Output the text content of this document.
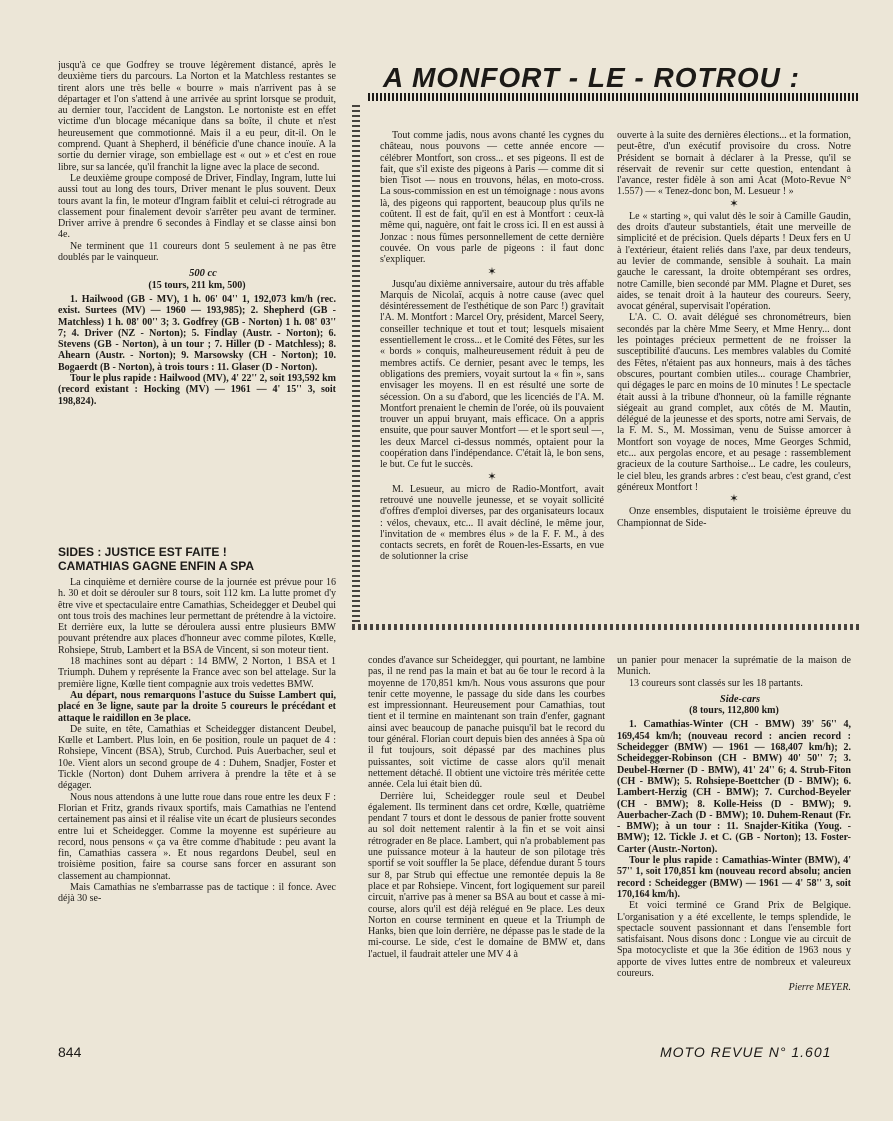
jusqu'à ce que Godfrey se trouve légèrement distancé, après le deuxième tiers du parcours. La Norton et la Matchless restantes se tirent alors une très belle « bourre » mais n'arrivent pas à se départager et l'on s'attend à une arrivée au sprint lorsque se produit, au dernier tour, l'accident de Langston. Le nortoniste est en effet victime d'un blocage mécanique dans sa boîte, il chute et n'est heureusement que commotionné. Mais il a eu peur, dit-il. On le comprend. Quant à Shepherd, il bénéficie d'une chance inouïe. A la sortie du dernier virage, son embiellage est « out » et c'est en roue libre, sur sa lancée, qu'il franchit la ligne avec la place de second.

Le deuxième groupe composé de Driver, Findlay, Ingram, lutte lui aussi tout au long des tours, Driver menant le plus souvent. Deux tours avant la fin, le moteur d'Ingram faiblit et celui-ci rétrograde au classement pour finalement devoir s'arrêter peu avant de terminer. Driver arrive à prendre 6 secondes à Findlay et se classe ainsi bon 4e.

Ne terminent que 11 coureurs dont 5 seulement à ne pas être doublés par le vainqueur.

500 cc

(15 tours, 211 km, 500)

1. Hailwood (GB - MV), 1 h. 06' 04'' 1, 192,073 km/h (rec. exist. Surtees (MV) — 1960 — 193,985); 2. Shepherd (GB - Matchless) 1 h. 08' 00'' 3; 3. Godfrey (GB - Norton) 1 h. 08' 03'' 7; 4. Driver (NZ - Norton); 5. Findlay (Austr. - Norton); 6. Stevens (GB - Norton), à un tour ; 7. Hiller (D - Matchless); 8. Ahearn (Austr. - Norton); 9. Marsowsky (CH - Norton); 10. Bogaerdt (B - Norton), à trois tours : 11. Glaser (D - Norton).

Tour le plus rapide : Hailwood (MV), 4' 22'' 2, soit 193,592 km (record existant : Hocking (MV) — 1961 — 4' 15'' 3, soit 198,824).

SIDES : JUSTICE EST FAITE !
CAMATHIAS GAGNE ENFIN A SPA

La cinquième et dernière course de la journée est prévue pour 16 h. 30 et doit se dérouler sur 8 tours, soit 112 km. La lutte promet d'y être vive et spectaculaire entre Camathias, Scheidegger et Deubel qui ont tous trois des machines leur permettant de prétendre à la victoire. Et derrière eux, la lutte se déroulera aussi entre plusieurs BMW pouvant prétendre aux places d'honneur avec comme pilotes, Kœlle, Rohsiepe, Strub, Lambert et la BSA de Vincent, si son moteur tient.

18 machines sont au départ : 14 BMW, 2 Norton, 1 BSA et 1 Triumph. Duhem y représente la France avec son bel attelage. Sur la première ligne, Kœlle tient compagnie aux trois vedettes BMW.

Au départ, nous remarquons l'astuce du Suisse Lambert qui, placé en 3e ligne, saute par la droite 5 coureurs le précédant et attaque le raidillon en 3e place.

De suite, en tête, Camathias et Scheidegger distancent Deubel, Kœlle et Lambert. Plus loin, en 6e position, roule un paquet de 4 : Rohsiepe, Vincent (BSA), Strub, Curchod. Puis Auerbacher, seul et 10e. Vient alors un second groupe de 4 : Duhem, Snadjer, Foster et Tickle (Norton) dont Duhem arrivera à prendre la tête et à se dégager.

Nous nous attendons à une lutte roue dans roue entre les deux F : Florian et Fritz, grands rivaux sportifs, mais Camathias ne l'entend certainement pas ainsi et il réalise vite un écart de plusieurs secondes entre lui et Scheidegger. Comme la moyenne est supérieure au record, nous pensons « ça va être comme d'habitude : peu avant la fin, Camathias cassera ». Et nous regardons Deubel, seul en troisième position, faire sa course sans forcer en assurant son classement au championnat.

Mais Camathias ne s'embarrasse pas de tactique : il fonce. Avec déjà 30 se-

A MONFORT - LE - ROTROU :

Tout comme jadis, nous avons chanté les cygnes du château, nous pouvons — cette année encore — célébrer Montfort, son cross... et ses pigeons. Il est de fait, que s'il existe des pigeons à Paris — comme dit si bien Tisot — nous en trouvons, hélas, en moto-cross. La sous-commission en est un témoignage : nous avons là, des pigeons qui rapportent, beaucoup plus qu'ils ne coûtent. Il est de fait, qu'il en est à Montfort : ceux-là même qui, naguère, ont fait le cross ici. Il en est aussi à Jonzac : nous fûmes personnellement de cette dernière couvée. On vous parle de pigeons : il faut donc s'expliquer.

✶

Jusqu'au dixième anniversaire, autour du très affable Marquis de Nicolaï, acquis à notre cause (avec quel désintéressement de l'esthétique de son Parc !) gravitait l'A. M. Montfort : Marcel Ory, président, Marcel Seery, conseiller technique et tout et tout; lesquels misaient essentiellement le cross... et le Comité des Fêtes, sur les « bords » conquis, malheureusement réduit à peu de membres actifs. Ce dernier, pesant avec le temps, les obligations des premiers, voyait surtout la « fin », sans envisager les moyens. Il en est résulté une sorte de sécession. On a su d'abord, que les licenciés de l'A. M. Montfort prenaient le chemin de l'orée, où ils pouvaient trouver un appui bruyant, mais efficace. On a appris ensuite, que pour sauver Montfort — et le sport seul —, les deux Marcel ci-dessus nommés, optaient pour la coopération dans l'indépendance. C'était là, le bon sens, le but. Ce fut le succès.

✶

M. Lesueur, au micro de Radio-Montfort, avait retrouvé une nouvelle jeunesse, et se voyait sollicité d'offres d'emploi diverses, par des organisateurs locaux : vélos, chevaux, etc... Il avait décliné, le même jour, l'invitation de « membres élus » de la F. F. M., à des contacts secrets, en forêt de Rouen-les-Essarts, en vue de solutionner la crise

ouverte à la suite des dernières élections... et la formation, peut-être, d'un exécutif provisoire du cross. Notre Président se bornait à déclarer à la Presse, qu'il se réservait de revenir sur cette question, entendant à l'avance, rester fidèle à son ami Acat (Moto-Revue N° 1.557) — « Tenez-donc bon, M. Lesueur ! »

✶

Le « starting », qui valut dès le soir à Camille Gaudin, des droits d'auteur substantiels, était une merveille de simplicité et de précision. Quels départs ! Deux fers en U à l'extérieur, étaient reliés dans l'axe, par deux tendeurs, au levier de commande, sensible à souhait. La main gauche le caressant, la droite obtempérant ses ordres, notre Camille, bien secondé par MM. Plagne et Duret, ses aides, se tenait droit à la hauteur des coureurs. Seery, avocat général, supervisait l'opération.

L'A. C. O. avait délégué ses chronométreurs, bien secondés par la chère Mme Seery, et Mme Henry... dont les pointages précieux permettent de ne froisser la susceptibilité d'aucuns. Les membres valables du Comité des Fêtes, n'étaient pas aux honneurs, mais à des tâches obscures, pourtant combien utiles... courage Chambrier, qui dégages le parc en moins de 10 minutes ! Le spectacle était aussi à la tribune d'honneur, où la famille régnante siégeait au grand complet, aux côtés de M. Mautin, délégué de la jeunesse et des sports, notre ami Servais, de la F. M. S., M. Mossiman, venu de Suisse amorcer à Montfort son voyage de noces, Mme Georges Schmid, etc... aux pergolas encore, et au pesage : rassemblement gracieux de la couture Sarthoise... Le cadre, les couleurs, le ciel bleu, les grands arbres : c'est beau, c'est grand, c'est généreux Montfort !

✶

Onze ensembles, disputaient le troisième épreuve du Championnat de Side-

condes d'avance sur Scheidegger, qui pourtant, ne lambine pas, il ne rend pas la main et bat au 6e tour le record à la moyenne de 170,851 km/h. Nous vous assurons que pour tenir cette moyenne, le passage du side dans les courbes est impressionnant. Heureusement pour Camathias, tout tient et il termine en maintenant son train d'enfer, gagnant ainsi avec beaucoup de panache puisqu'il bat le record du tour général. Florian court depuis bien des années à Spa où il fut toujours, soit dépassé par des machines plus puissantes, soit victime de casse alors qu'il menait nettement détaché. Il obtient une victoire très méritée cette année. Cela lui était bien dû.

Derrière lui, Scheidegger roule seul et Deubel également. Ils terminent dans cet ordre, Kœlle, quatrième pendant 7 tours et dont le dessous de panier frotte souvent au sol doit nettement ralentir à la fin et se voit ainsi rétrograder en 8e place. Lambert, qui n'a probablement pas une puissance moteur à la hauteur de son pilotage très sportif se voit souffler la 5e place, défendue durant 5 tours sur 8, par Strub qui effectue une remontée depuis la 8e place et par Rohsiepe. Vincent, fort logiquement sur pareil circuit, n'arrive pas à mener sa BSA au bout et casse à mi-course, alors qu'il est déjà relégué en 9e place. Les deux Norton en course terminent en queue et la Triumph de Hanks, bien que loin derrière, ne dépasse pas le stade de la mi-course. Le side, c'est le domaine de BMW et, dans l'actuel, il faudrait atteler une MV 4 à

un panier pour menacer la suprématie de la maison de Munich.

13 coureurs sont classés sur les 18 partants.

Side-cars

(8 tours, 112,800 km)

1. Camathias-Winter (CH - BMW) 39' 56'' 4, 169,454 km/h; (nouveau record : ancien record : Scheidegger (BMW) — 1961 — 168,407 km/h); 2. Scheidegger-Robinson (CH - BMW) 40' 50'' 7; 3. Deubel-Hœrner (D - BMW), 41' 24'' 6; 4. Strub-Fiton (CH - BMW); 5. Rohsiepe-Boettcher (D - BMW); 6. Lambert-Herzig (CH - BMW); 7. Curchod-Beyeler (CH - BMW); 8. Kolle-Heiss (D - BMW); 9. Auerbacher-Zach (D - BMW); 10. Duhem-Renaut (Fr. - BMW); à un tour : 11. Snajder-Kitika (Youg. - BMW); 12. Tickle J. et C. (GB - Norton); 13. Foster-Carter (Austr.-Norton).

Tour le plus rapide : Camathias-Winter (BMW), 4' 57'' 1, soit 170,851 km (nouveau record absolu; ancien record : Scheidegger (BMW) — 1961 — 4' 58'' 3, soit 170,164 km/h).

Et voici terminé ce Grand Prix de Belgique. L'organisation y a été excellente, le temps splendide, le spectacle souvent passionnant et dans l'ensemble fort satisfaisant. Nous disons donc : Longue vie au circuit de Spa motocycliste et que la 36e édition de 1963 nous y apporte de vives luttes entre de nombreux et valeureux coureurs.

Pierre MEYER.

844	MOTO REVUE N° 1.601
